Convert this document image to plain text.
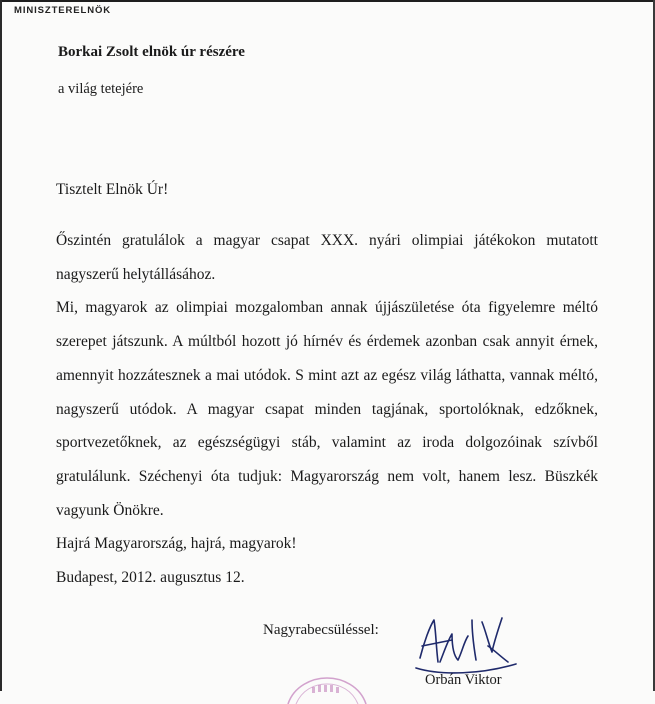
MINISZTERELNÖK
Borkai Zsolt elnök úr részére
a világ tetejére
Tisztelt Elnök Úr!

Őszintén gratulálok a magyar csapat XXX. nyári olimpiai játékokon mutatott nagyszerű helytállásához.

Mi, magyarok az olimpiai mozgalomban annak újjászületése óta figyelemre méltó szerepet játszunk. A múltból hozott jó hírnév és érdemek azonban csak annyit érnek, amennyit hozzátesznek a mai utódok. S mint azt az egész világ láthatta, vannak méltó, nagyszerű utódok. A magyar csapat minden tagjának, sportolóknak, edzőknek, sportvezetőknek, az egészségügyi stáb, valamint az iroda dolgozóinak szívből gratulálunk. Széchenyi óta tudjuk: Magyarország nem volt, hanem lesz. Büszkék vagyunk Önökre.

Hajrá Magyarország, hajrá, magyarok!

Budapest, 2012. augusztus 12.

Nagyrabecsüléssel:
Orbán Viktor
